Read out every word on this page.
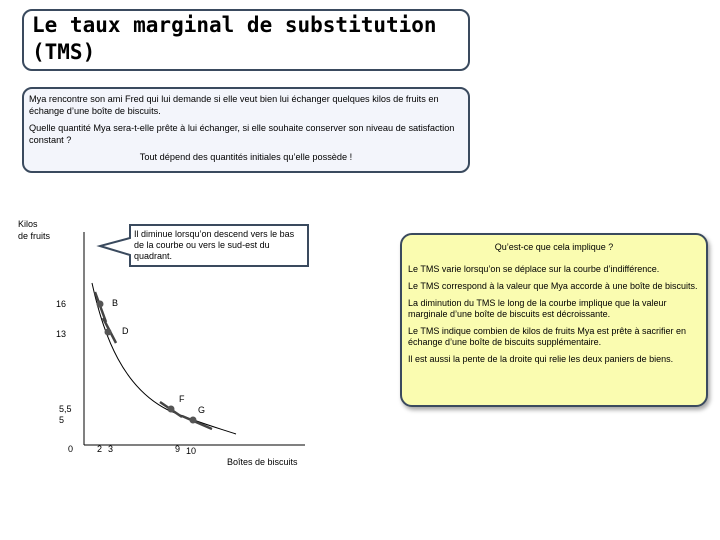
Le taux marginal de substitution (TMS)

Mya rencontre son ami Fred qui lui demande si elle veut bien lui échanger quelques kilos de fruits en échange d’une boîte de biscuits.

Quelle quantité Mya sera-t-elle prête à lui échanger, si elle souhaite conserver son niveau de satisfaction constant ?

Tout dépend des quantités initiales qu’elle possède !

Il diminue lorsqu’on descend vers le bas de la courbe ou vers le sud-est du quadrant.
Kilos
de fruits
16
13
5,5
5
0	2 3	9 10
B
D
F
G
Boîtes de biscuits
Qu’est-ce que cela implique ?
Le TMS varie lorsqu’on se déplace sur la courbe d’indifférence.
Le TMS correspond à la valeur que Mya accorde à une boîte de biscuits.
La diminution du TMS le long de la courbe implique que la valeur marginale d’une boîte de biscuits est décroissante.
Le TMS indique combien de kilos de fruits Mya est prête à sacrifier en échange d’une boîte de biscuits supplémentaire.
Il est aussi la pente de la droite qui relie les deux paniers de biens.
